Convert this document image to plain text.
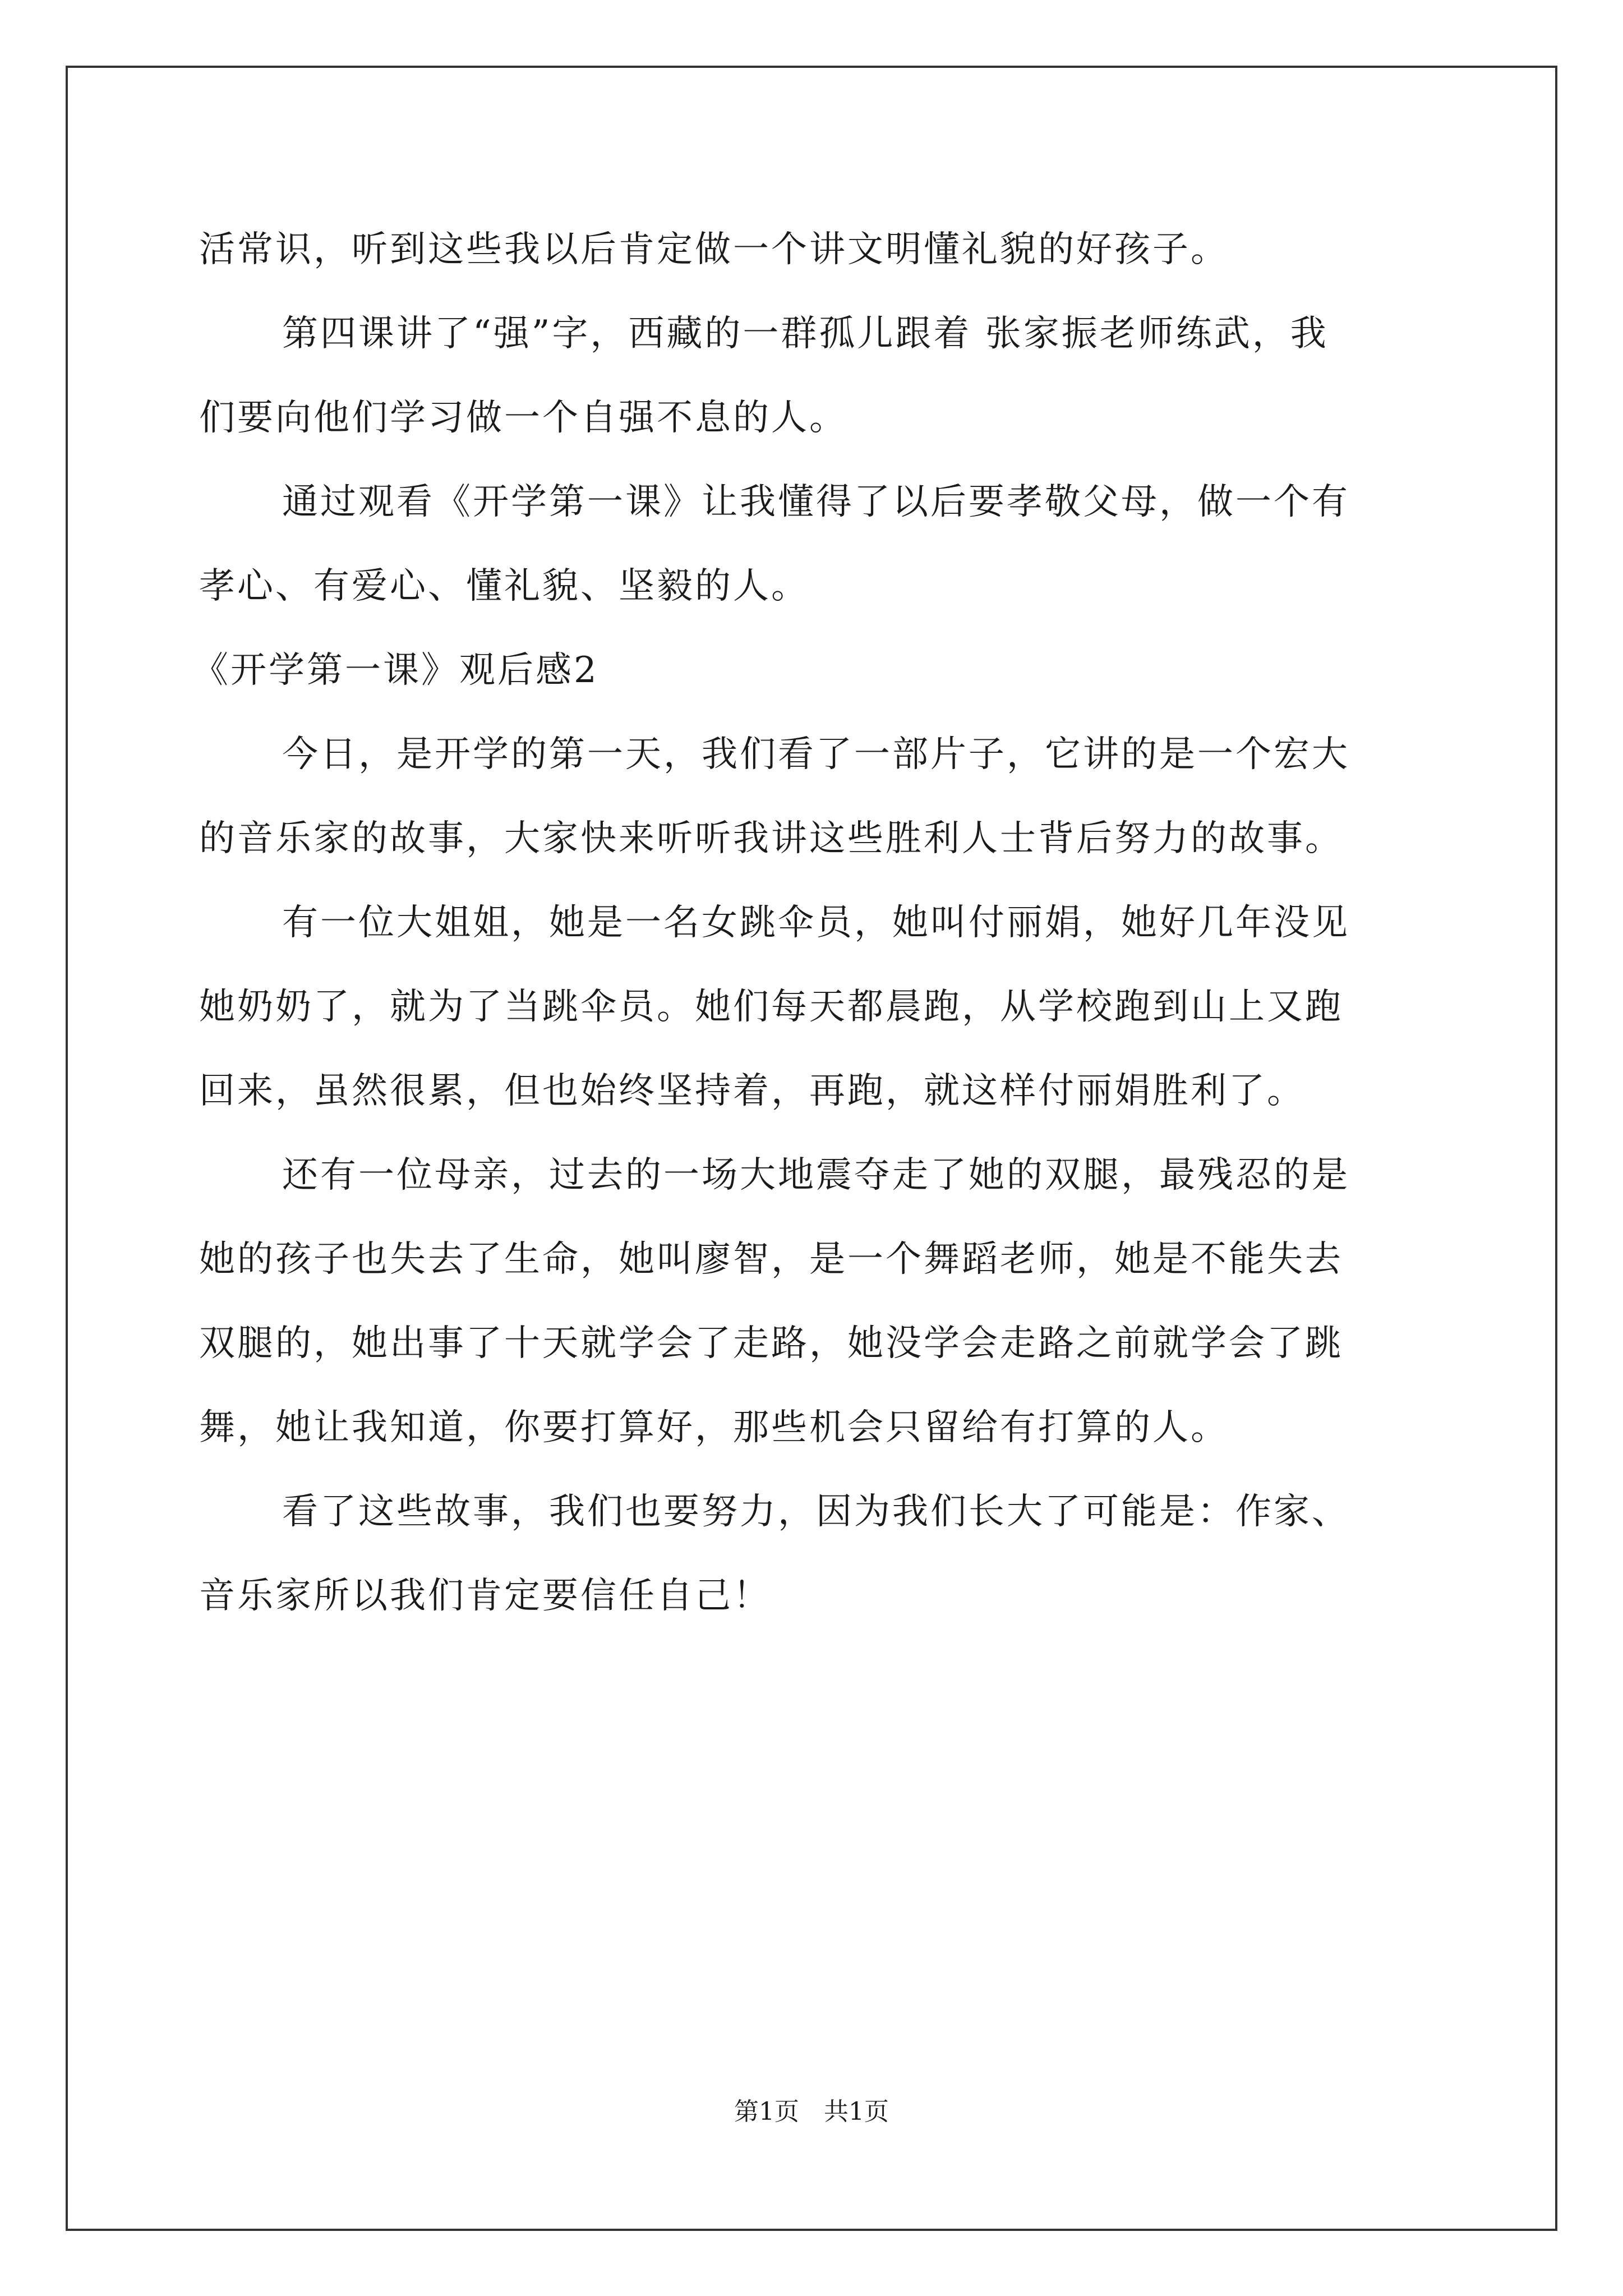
活常识，听到这些我以后肯定做一个讲文明懂礼貌的好孩子。
第四课讲了“强”字，西藏的一群孤儿跟着 张家振老师练武，我
们要向他们学习做一个自强不息的人。
通过观看《开学第一课》让我懂得了以后要孝敬父母，做一个有
孝心、有爱心、懂礼貌、坚毅的人。
《开学第一课》观后感2
今日，是开学的第一天，我们看了一部片子，它讲的是一个宏大
的音乐家的故事，大家快来听听我讲这些胜利人士背后努力的故事。
有一位大姐姐，她是一名女跳伞员，她叫付丽娟，她好几年没见
她奶奶了，就为了当跳伞员。她们每天都晨跑，从学校跑到山上又跑
回来，虽然很累，但也始终坚持着，再跑，就这样付丽娟胜利了。
还有一位母亲，过去的一场大地震夺走了她的双腿，最残忍的是
她的孩子也失去了生命，她叫廖智，是一个舞蹈老师，她是不能失去
双腿的，她出事了十天就学会了走路，她没学会走路之前就学会了跳
舞，她让我知道，你要打算好，那些机会只留给有打算的人。
看了这些故事，我们也要努力，因为我们长大了可能是：作家、
音乐家所以我们肯定要信任自己！
第1页　共1页
